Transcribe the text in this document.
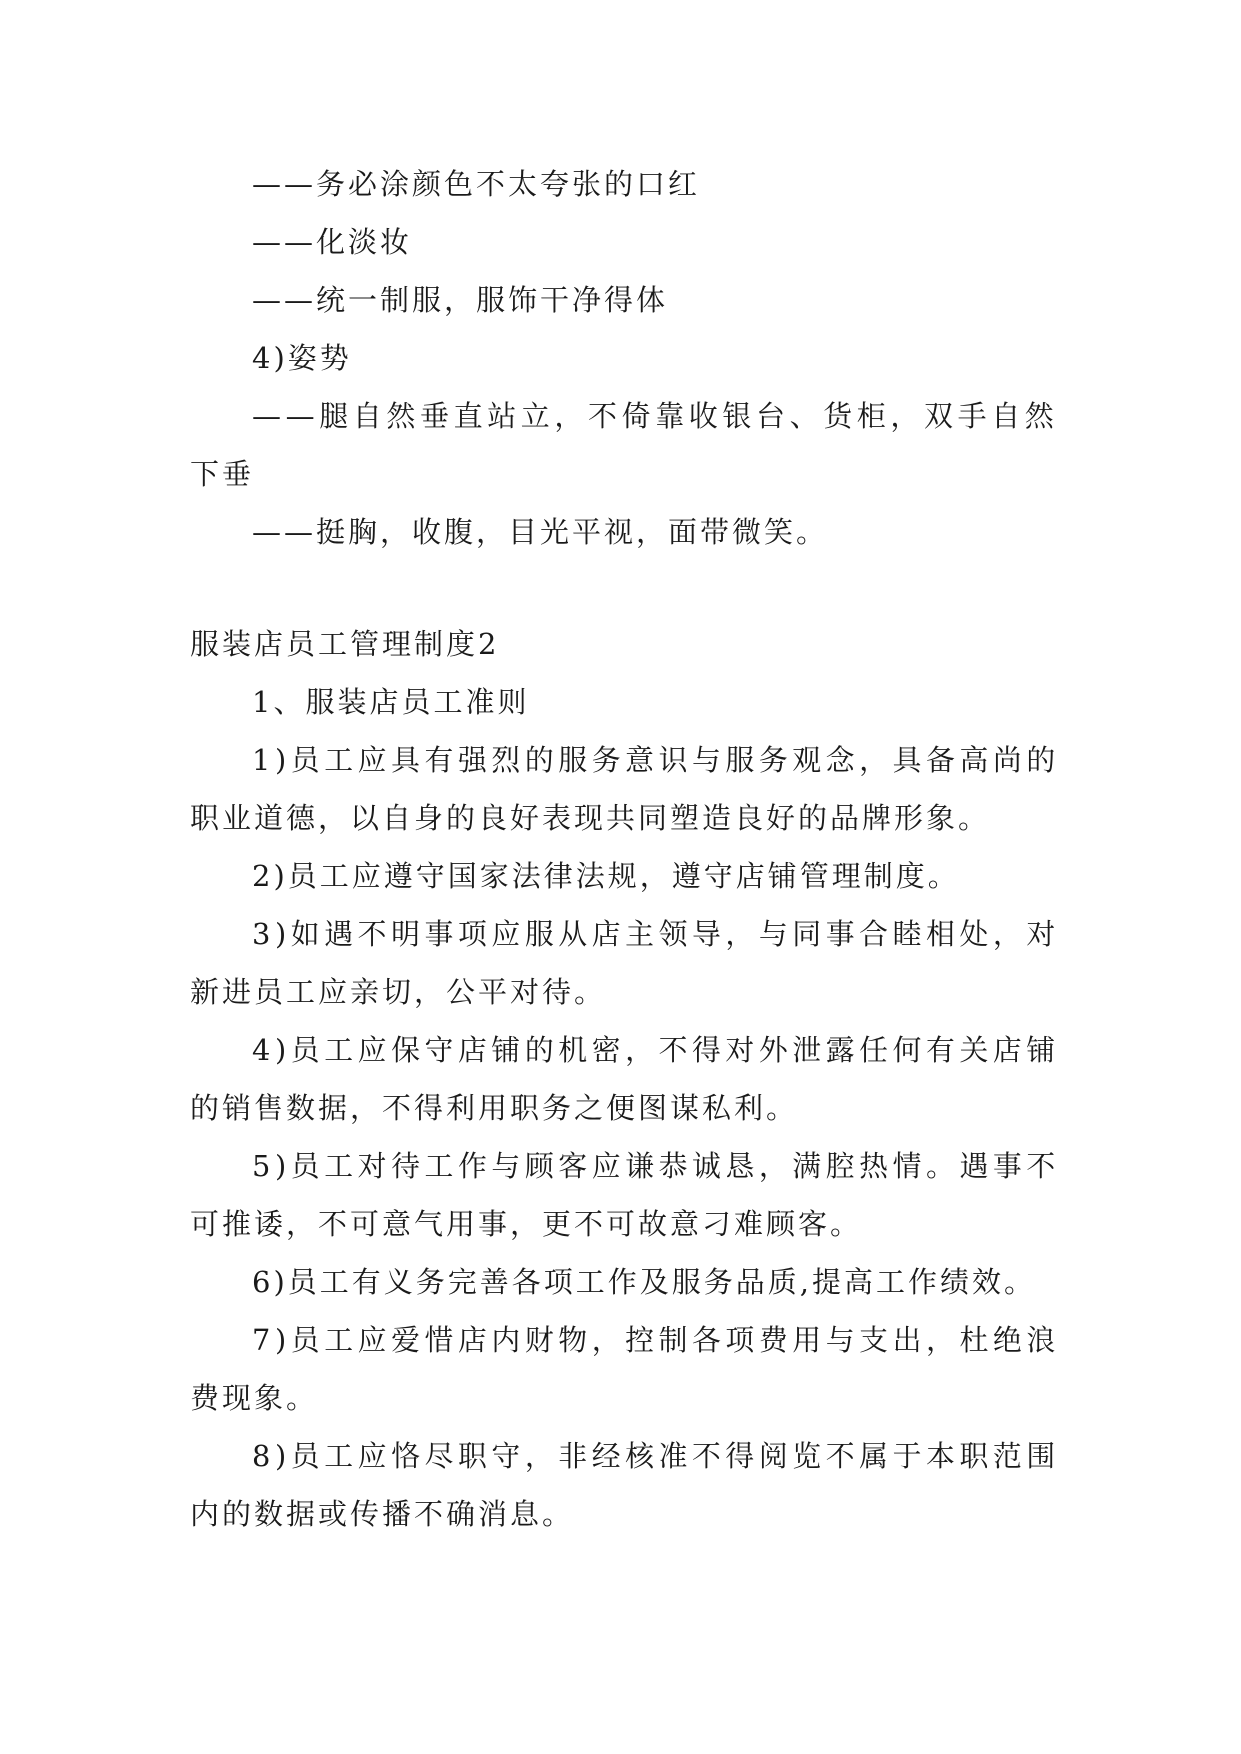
——务必涂颜色不太夸张的口红
——化淡妆
——统一制服，服饰干净得体
4)姿势
——腿自然垂直站立，不倚靠收银台、货柜，双手自然
下垂
——挺胸，收腹，目光平视，面带微笑。
服装店员工管理制度2
1、服装店员工准则
1)员工应具有强烈的服务意识与服务观念，具备高尚的
职业道德，以自身的良好表现共同塑造良好的品牌形象。
2)员工应遵守国家法律法规，遵守店铺管理制度。
3)如遇不明事项应服从店主领导，与同事合睦相处，对
新进员工应亲切，公平对待。
4)员工应保守店铺的机密，不得对外泄露任何有关店铺
的销售数据，不得利用职务之便图谋私利。
5)员工对待工作与顾客应谦恭诚恳，满腔热情。遇事不
可推诿，不可意气用事，更不可故意刁难顾客。
6)员工有义务完善各项工作及服务品质,提高工作绩效。
7)员工应爱惜店内财物，控制各项费用与支出，杜绝浪
费现象。
8)员工应恪尽职守，非经核准不得阅览不属于本职范围
内的数据或传播不确消息。
